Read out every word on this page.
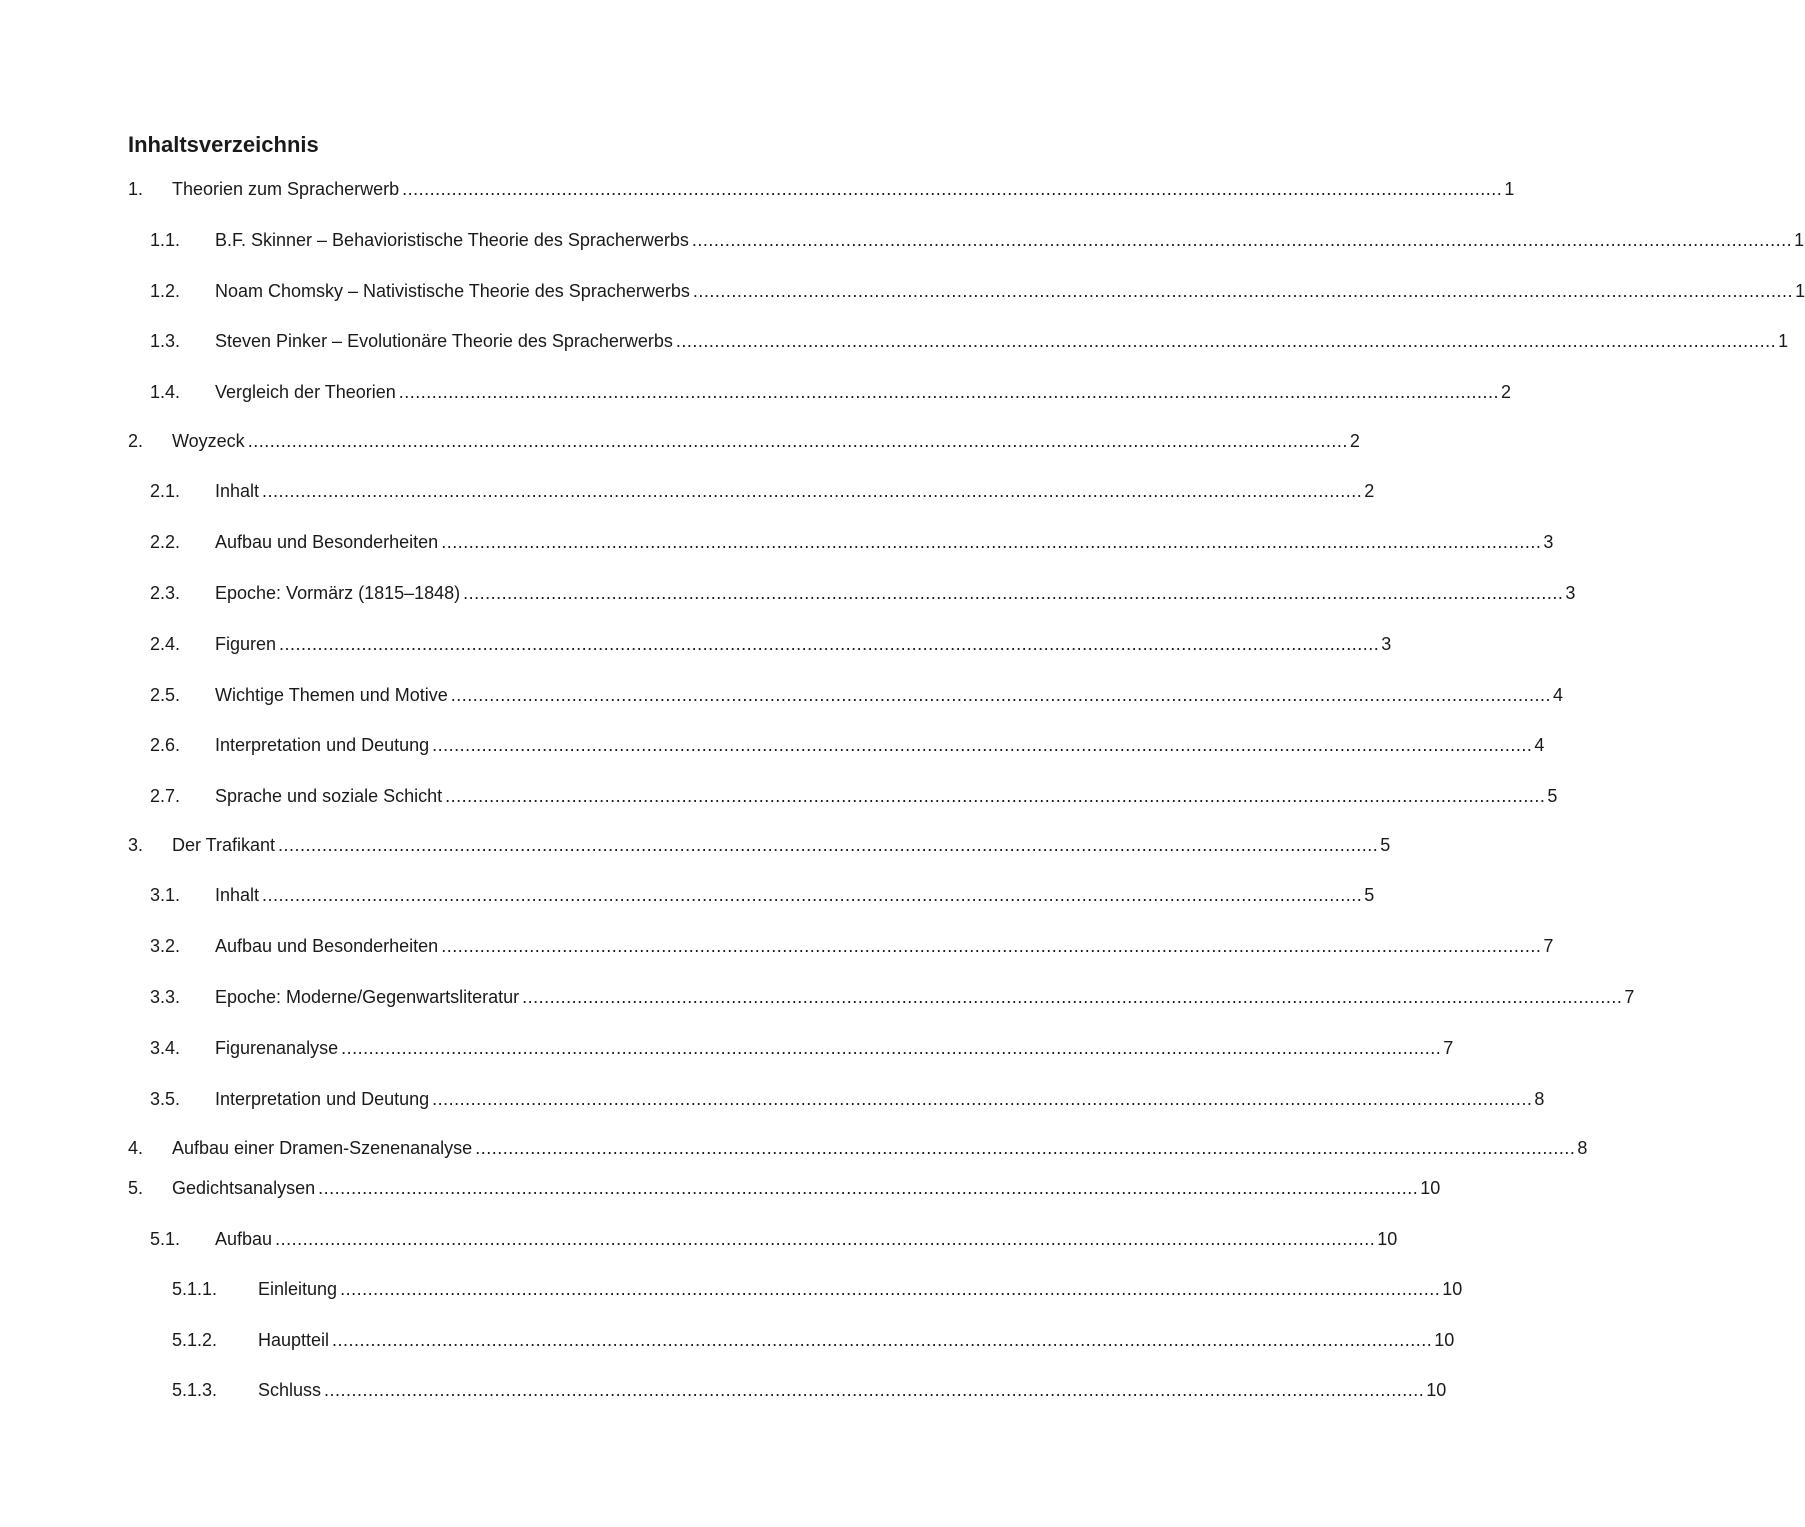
Inhaltsverzeichnis
1. Theorien zum Spracherwerb ........................................................................................................................................................................................................ 1
1.1. B.F. Skinner – Behavioristische Theorie des Spracherwerbs ........................................................................................................................................................................................................ 1
1.2. Noam Chomsky – Nativistische Theorie des Spracherwerbs ........................................................................................................................................................................................................ 1
1.3. Steven Pinker – Evolutionäre Theorie des Spracherwerbs ........................................................................................................................................................................................................ 1
1.4. Vergleich der Theorien ........................................................................................................................................................................................................ 2
2. Woyzeck ........................................................................................................................................................................................................ 2
2.1. Inhalt ........................................................................................................................................................................................................ 2
2.2. Aufbau und Besonderheiten ........................................................................................................................................................................................................ 3
2.3. Epoche: Vormärz (1815–1848) ........................................................................................................................................................................................................ 3
2.4. Figuren ........................................................................................................................................................................................................ 3
2.5. Wichtige Themen und Motive ........................................................................................................................................................................................................ 4
2.6. Interpretation und Deutung ........................................................................................................................................................................................................ 4
2.7. Sprache und soziale Schicht ........................................................................................................................................................................................................ 5
3. Der Trafikant ........................................................................................................................................................................................................ 5
3.1. Inhalt ........................................................................................................................................................................................................ 5
3.2. Aufbau und Besonderheiten ........................................................................................................................................................................................................ 7
3.3. Epoche: Moderne/Gegenwartsliteratur ........................................................................................................................................................................................................ 7
3.4. Figurenanalyse ........................................................................................................................................................................................................ 7
3.5. Interpretation und Deutung ........................................................................................................................................................................................................ 8
4. Aufbau einer Dramen-Szenenanalyse ........................................................................................................................................................................................................ 8
5. Gedichtsanalysen ........................................................................................................................................................................................................ 10
5.1. Aufbau ........................................................................................................................................................................................................ 10
5.1.1. Einleitung ........................................................................................................................................................................................................ 10
5.1.2. Hauptteil ........................................................................................................................................................................................................ 10
5.1.3. Schluss ........................................................................................................................................................................................................ 10
